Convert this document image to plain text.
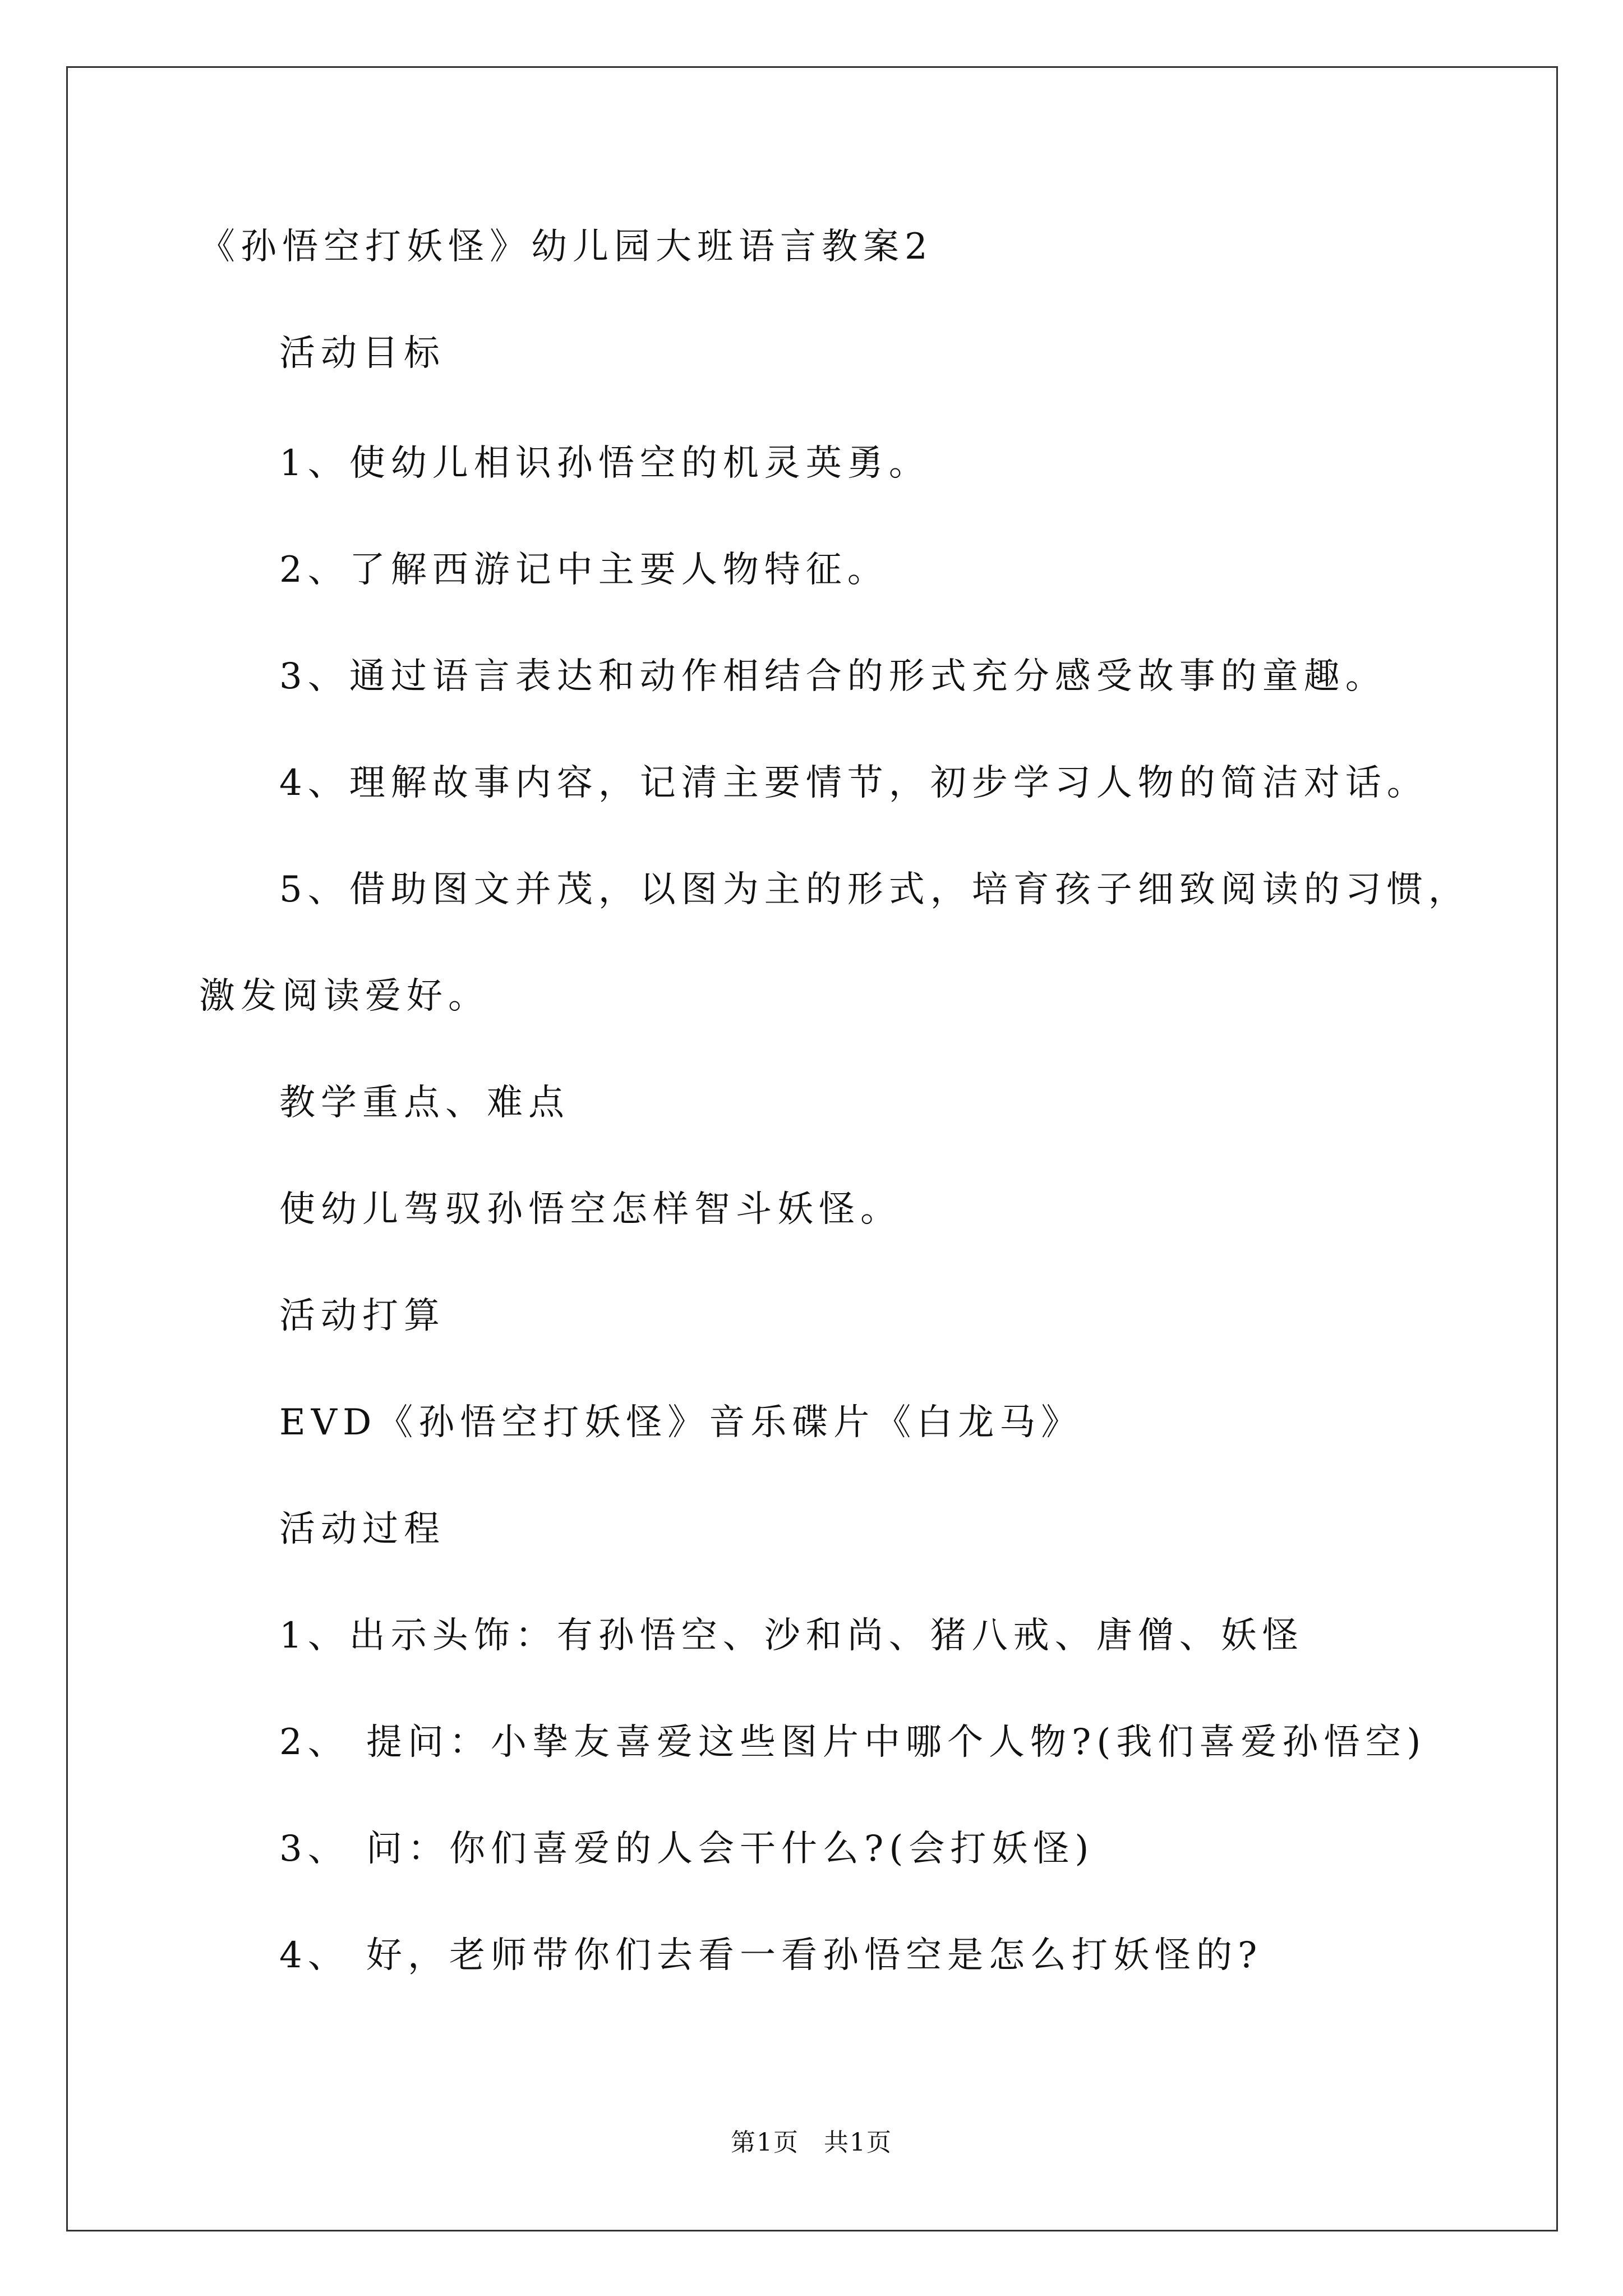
《孙悟空打妖怪》幼儿园大班语言教案2
活动目标
1、使幼儿相识孙悟空的机灵英勇。
2、了解西游记中主要人物特征。
3、通过语言表达和动作相结合的形式充分感受故事的童趣。
4、理解故事内容，记清主要情节，初步学习人物的简洁对话。
5、借助图文并茂，以图为主的形式，培育孩子细致阅读的习惯，
激发阅读爱好。
教学重点、难点
使幼儿驾驭孙悟空怎样智斗妖怪。
活动打算
EVD《孙悟空打妖怪》音乐碟片《白龙马》
活动过程
1、出示头饰：有孙悟空、沙和尚、猪八戒、唐僧、妖怪
2、 提问：小挚友喜爱这些图片中哪个人物?(我们喜爱孙悟空)
3、 问：你们喜爱的人会干什么?(会打妖怪)
4、 好，老师带你们去看一看孙悟空是怎么打妖怪的?
第1页 共1页
